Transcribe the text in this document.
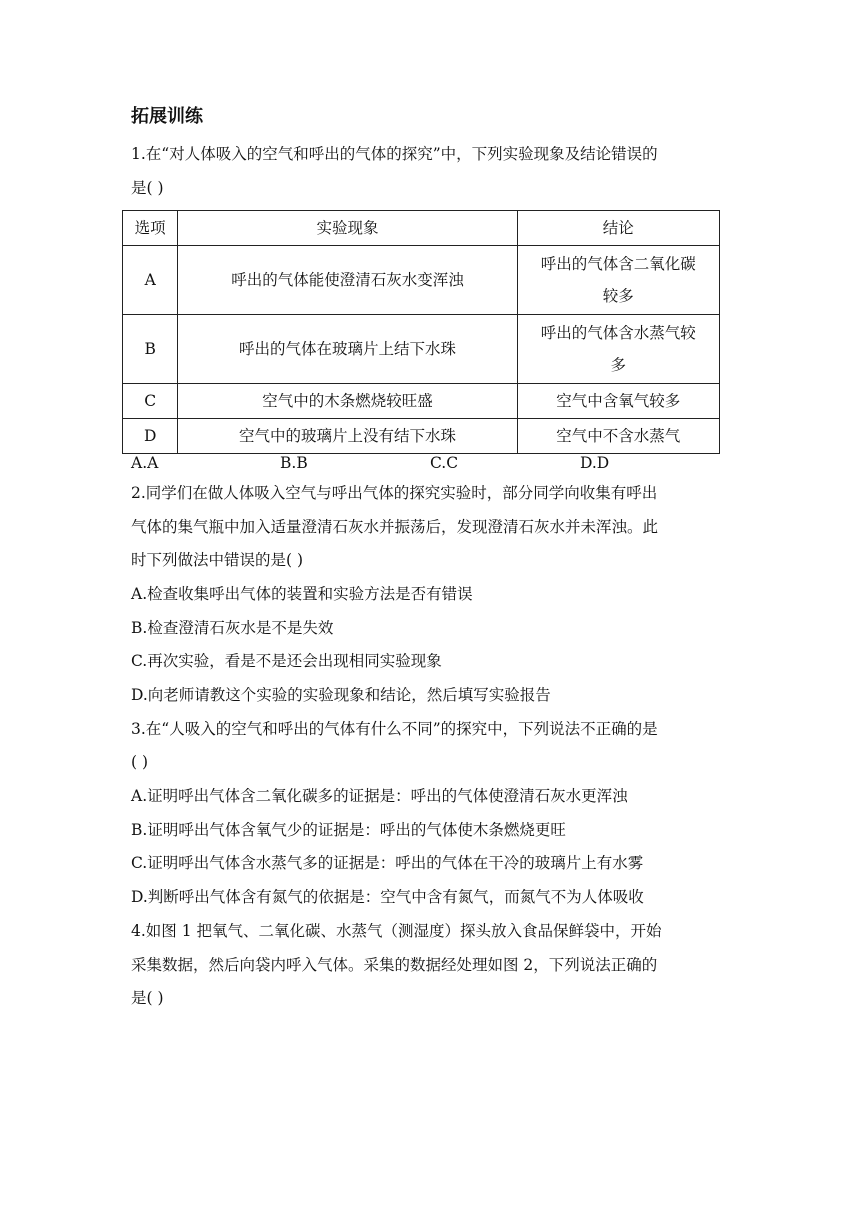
拓展训练
1.在“对人体吸入的空气和呼出的气体的探究”中，下列实验现象及结论错误的
是( )
选项	实验现象	结论
A	呼出的气体能使澄清石灰水变浑浊	呼出的气体含二氧化碳
较多

B	呼出的气体在玻璃片上结下水珠	呼出的气体含水蒸气较
多

C	空气中的木条燃烧较旺盛	空气中含氧气较多
D	空气中的玻璃片上没有结下水珠	空气中不含水蒸气
A.A	B.B	C.C	D.D
2.同学们在做人体吸入空气与呼出气体的探究实验时，部分同学向收集有呼出
气体的集气瓶中加入适量澄清石灰水并振荡后，发现澄清石灰水并未浑浊。此
时下列做法中错误的是( )
A.检查收集呼出气体的装置和实验方法是否有错误
B.检查澄清石灰水是不是失效
C.再次实验，看是不是还会出现相同实验现象
D.向老师请教这个实验的实验现象和结论，然后填写实验报告
3.在“人吸入的空气和呼出的气体有什么不同”的探究中，下列说法不正确的是
( )
A.证明呼出气体含二氧化碳多的证据是：呼出的气体使澄清石灰水更浑浊
B.证明呼出气体含氧气少的证据是：呼出的气体使木条燃烧更旺
C.证明呼出气体含水蒸气多的证据是：呼出的气体在干冷的玻璃片上有水雾
D.判断呼出气体含有氮气的依据是：空气中含有氮气，而氮气不为人体吸收
4.如图 1 把氧气、二氧化碳、水蒸气（测湿度）探头放入食品保鲜袋中，开始
采集数据，然后向袋内呼入气体。采集的数据经处理如图 2，下列说法正确的
是( )
